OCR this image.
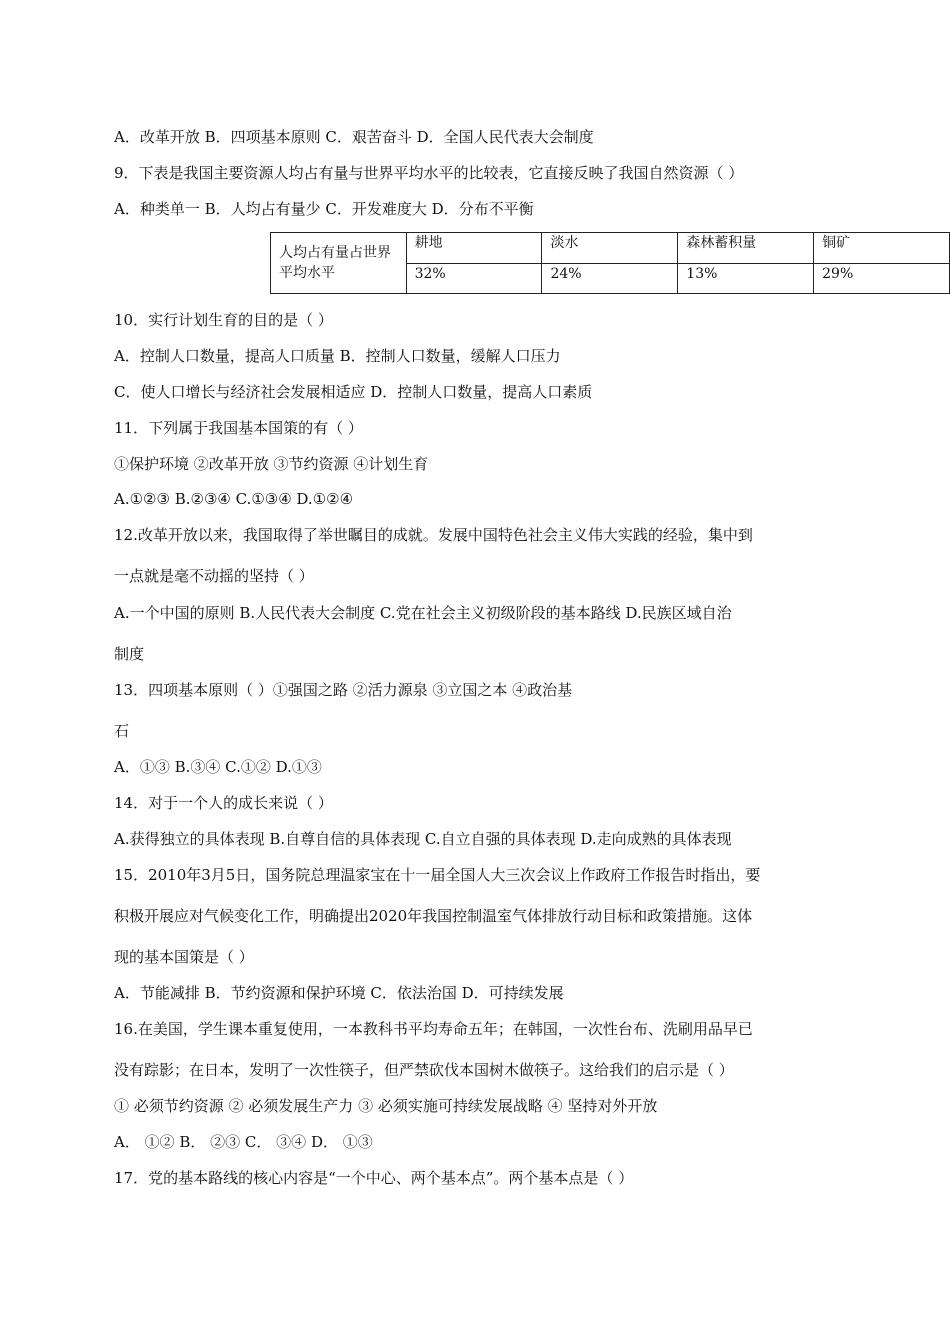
A．改革开放 B．四项基本原则 C．艰苦奋斗 D．全国人民代表大会制度
9．下表是我国主要资源人均占有量与世界平均水平的比较表，它直接反映了我国自然资源（ ）
A．种类单一 B．人均占有量少 C．开发难度大 D．分布不平衡
人均占有量占世界平均水平	耕地	淡水	森林蓄积量	铜矿
	32%	24%	13%	29%
10．实行计划生育的目的是（ ）
A．控制人口数量，提高人口质量 B．控制人口数量，缓解人口压力
C．使人口增长与经济社会发展相适应 D．控制人口数量，提高人口素质
11．下列属于我国基本国策的有（ ）
①保护环境 ②改革开放 ③节约资源 ④计划生育
A.①②③ B.②③④ C.①③④ D.①②④
12.改革开放以来，我国取得了举世瞩目的成就。发展中国特色社会主义伟大实践的经验，集中到
一点就是毫不动摇的坚持（ ）
A.一个中国的原则 B.人民代表大会制度 C.党在社会主义初级阶段的基本路线 D.民族区域自治
制度
13．四项基本原则（ ）①强国之路 ②活力源泉 ③立国之本 ④政治基
石
A．①③ B.③④ C.①② D.①③
14．对于一个人的成长来说（ ）
A.获得独立的具体表现 B.自尊自信的具体表现 C.自立自强的具体表现 D.走向成熟的具体表现
15．2010年3月5日，国务院总理温家宝在十一届全国人大三次会议上作政府工作报告时指出，要
积极开展应对气候变化工作，明确提出2020年我国控制温室气体排放行动目标和政策措施。这体
现的基本国策是（ ）
A．节能减排 B．节约资源和保护环境 C．依法治国 D．可持续发展
16.在美国，学生课本重复使用，一本教科书平均寿命五年；在韩国，一次性台布、洗刷用品早已
没有踪影；在日本，发明了一次性筷子，但严禁砍伐本国树木做筷子。这给我们的启示是（ ）
① 必须节约资源 ② 必须发展生产力 ③ 必须实施可持续发展战略 ④ 坚持对外开放
A． ①② B． ②③ C． ③④ D． ①③
17．党的基本路线的核心内容是“一个中心、两个基本点”。两个基本点是（ ）
